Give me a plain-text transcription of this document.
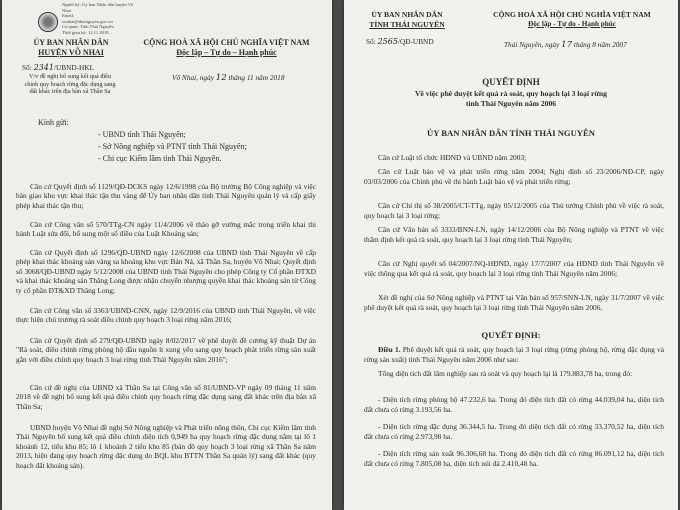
Người ký: Ủy ban Nhân dân huyện Võ
Nhai
Email:
vonhai@thainguyen.gov.vn
Cơ quan: Tỉnh Thái Nguyên
Thời gian ký: 12.11.2018 ...
ỦY BAN NHÂN DÂN
HUYỆN VÕ NHAI
CỘNG HOÀ XÃ HỘI CHỦ NGHĨA VIỆT NAM
Độc lập – Tự do – Hạnh phúc
Số: 2341/UBND-HKL
Võ Nhai, ngày 12 tháng 11 năm 2018
V/v đề nghị bổ sung kết quả điều
chỉnh quy hoạch rừng đặc dụng sang
đất khác trên địa bàn xã Thần Sa
Kính gửi:
- UBND tỉnh Thái Nguyên;
- Sở Nông nghiệp và PTNT tỉnh Thái Nguyên;
- Chi cục Kiểm lâm tỉnh Thái Nguyên.
Căn cứ Quyết định số 1129/QĐ-DCKS ngày 12/6/1998 của Bộ trưởng Bộ Công nghiệp và việc bàn giao khu vực khai thác tận thu vàng để Ủy ban nhân dân tỉnh Thái Nguyên quản lý và cấp giấy phép khai thác tận thu;
Căn cứ Công văn số 570/TTg-CN ngày 11/4/2006 về tháo gỡ vướng mắc trong triển khai thi hành Luật sửa đổi, bổ sung một số điều của Luật Khoáng sản;
Căn cứ Quyết định số 1296/QĐ-UBND ngày 12/6/2008 của UBND tỉnh Thái Nguyên về cấp phép khai thác khoáng sản vàng sa khoáng khu vực Bản Ná, xã Thần Sa, huyện Võ Nhai; Quyết định số 3068/QĐ-UBND ngày 5/12/2008 của UBND tỉnh Thái Nguyên cho phép Công ty Cổ phần ĐTXD và khai thác khoáng sản Thăng Long được nhận chuyển nhượng quyền khai thác khoáng sản từ Công ty cổ phần ĐT&XD Thăng Long;
Căn cứ Công văn số 3363/UBND-CNN, ngày 12/9/2016 của UBND tỉnh Thái Nguyên, về việc thực hiện chủ trương rà soát điều chỉnh quy hoạch 3 loại rừng năm 2016;
Căn cứ Quyết định số 279/QĐ-UBND ngày 8/02/2017 về phê duyệt đề cương kỹ thuật Dự án "Rà soát, điều chỉnh rừng phòng hộ đầu nguồn ít xung yếu sang quy hoạch phát triển rừng sản xuất gắn với điều chỉnh quy hoạch 3 loại rừng tỉnh Thái Nguyên năm 2016";
Căn cứ đề nghị của UBND xã Thần Sa tại Công văn số 81/UBND-VP ngày 09 tháng 11 năm 2018 về đề nghị bổ sung kết quả điều chỉnh quy hoạch rừng đặc dụng sang đất khác trên địa bàn xã Thần Sa;
UBND huyện Võ Nhai đề nghị Sở Nông nghiệp và Phát triển nông thôn, Chi cục Kiểm lâm tỉnh Thái Nguyên bổ sung kết quả điều chỉnh diện tích 0,949 ha quy hoạch rừng đặc dụng nằm tại lô 1 khoảnh 12, tiểu khu 85; lô 1 khoảnh 2 tiểu khu 85 (bản đồ quy hoạch 3 loại rừng xã Thần Sa năm 2013, hiện đang quy hoạch rừng đặc dụng do BQL khu BTTN Thần Sa quản lý) sang đất khác (quy hoạch đất khoáng sản).
ỦY BAN NHÂN DÂN
TỈNH THÁI NGUYÊN
Số: 2565/QĐ-UBND
CỘNG HOÀ XÃ HỘI CHỦ NGHĨA VIỆT NAM
Độc lập - Tự do - Hạnh phúc
Thái Nguyên, ngày 17 tháng 8 năm 2007
QUYẾT ĐỊNH
Về việc phê duyệt kết quả rà soát, quy hoạch lại 3 loại rừng
tỉnh Thái Nguyên năm 2006
ỦY BAN NHÂN DÂN TỈNH THÁI NGUYÊN
Căn cứ Luật tổ chức HĐND và UBND năm 2003;
Căn cứ Luật bảo vệ và phát triển rừng năm 2004; Nghị định số 23/2006/NĐ-CP, ngày 03/03/2006 của Chính phủ về thi hành Luật bảo vệ và phát triển rừng;
Căn cứ Chỉ thị số 38/2005/CT-TTg, ngày 05/12/2005 của Thủ tướng Chính phủ về việc rà soát, quy hoạch lại 3 loại rừng;
Căn cứ Văn bản số 3333/BNN-LN, ngày 14/12/2006 của Bộ Nông nghiệp và PTNT về việc thẩm định kết quả rà soát, quy hoạch lại 3 loại rừng tỉnh Thái Nguyên;
Căn cứ Nghị quyết số 04/2007/NQ-HĐND, ngày 17/7/2007 của HĐND tỉnh Thái Nguyên về việc thông qua kết quả rà soát, quy hoạch lại 3 loại rừng tỉnh Thái Nguyên năm 2006;
Xét đề nghị của Sở Nông nghiệp và PTNT tại Văn bản số 957/SNN-LN, ngày 31/7/2007 về việc phê duyệt kết quả rà soát, quy hoạch lại 3 loại rừng tỉnh Thái Nguyên năm 2006,
QUYẾT ĐỊNH:
Điều 1. Phê duyệt kết quả rà soát, quy hoạch lại 3 loại rừng (rừng phòng hộ, rừng đặc dụng và rừng sản xuất) tỉnh Thái Nguyên năm 2006 như sau:
Tổng diện tích đất lâm nghiệp sau rà soát và quy hoạch lại là 179.883,78 ha, trong đó:
- Diện tích rừng phòng hộ 47.232,6 ha. Trong đó diện tích đất có rừng 44.039,04 ha, diện tích đất chưa có rừng 3.193,56 ha.
- Diện tích rừng đặc dụng 36.344,5 ha. Trong đó diện tích đất có rừng 33.370,52 ha, diện tích đất chưa có rừng 2.973,98 ha.
- Diện tích rừng sản xuất 96.306,68 ha. Trong đó diện tích đất có rừng 86.091,12 ha, diện tích đất chưa có rừng 7.805,08 ha, diện tích núi đá 2.410,48 ha.
